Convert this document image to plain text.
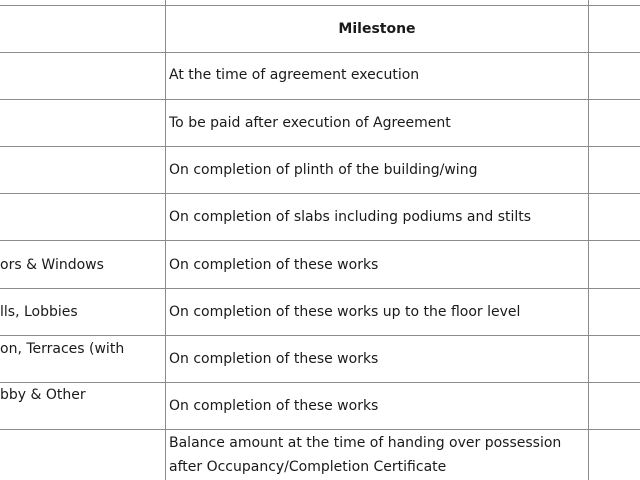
Milestone
At the time of agreement execution
To be paid after execution of Agreement
On completion of plinth of the building/wing
On completion of slabs including podiums and stilts
ors & Windows	On completion of these works
lls, Lobbies	On completion of these works up to the floor level
on, Terraces (with
On completion of these works
bby & Other
On completion of these works
Balance amount at the time of handing over possession
after Occupancy/Completion Certificate
